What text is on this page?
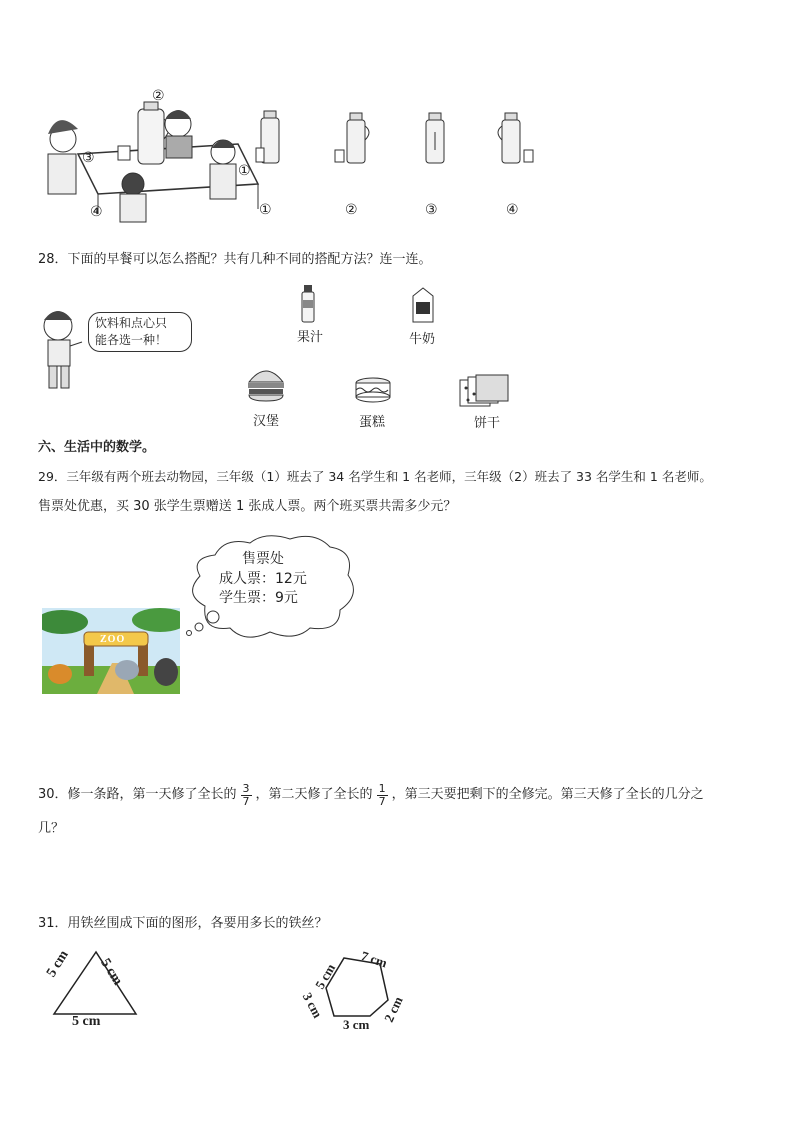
②
③
①
④	①	②	③	④
28．下面的早餐可以怎么搭配？共有几种不同的搭配方法？连一连。
饮料和点心只
能各选一种！	果汁	牛奶
汉堡	蛋糕	饼干
六、生活中的数学。
29．三年级有两个班去动物园，三年级（1）班去了 34 名学生和 1 名老师，三年级（2）班去了 33 名学生和 1 名老师。
售票处优惠，买 30 张学生票赠送 1 张成人票。两个班买票共需多少元？
售票处
成人票：12元
学生票：9元
ZOO
30．修一条路，第一天修了全长的 $\frac{3}{7}$ ，第二天修了全长的 $\frac{1}{7}$ ，第三天要把剩下的全修完。第三天修了全长的几分之
几？
31．用铁丝围成下面的图形，各要用多长的铁丝？
5 cm 5 cm
5 cm
5 cm
7 cm
3 cm	2 cm
3 cm
